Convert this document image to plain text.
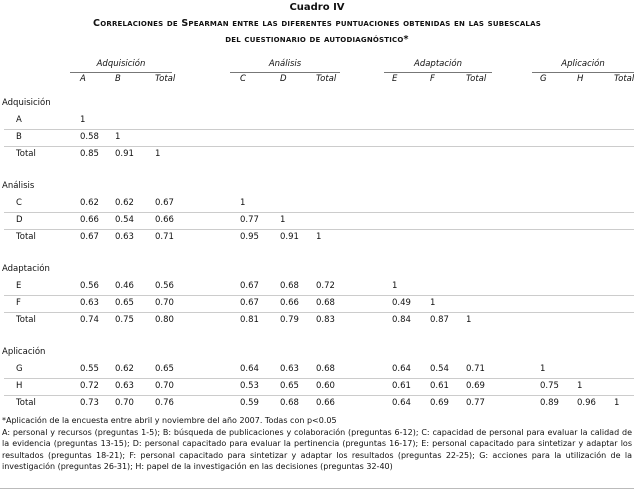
Cuadro IV
Correlaciones de Spearman entre las diferentes puntuaciones obtenidas en las subescalas
del cuestionario de autodiagnóstico*
Adquisición
A	B	Total
Análisis
C	D	Total
Adaptación
E	F	Total
Aplicación
G	H	Total
Adquisición
A	1
B	0.58 1
Total	0.85 0.91 1
Análisis
C	0.62 0.62 0.67	1
D	0.66 0.54 0.66	0.77 1
Total	0.67 0.63 0.71	0.95 0.91 1
Adaptación
E	0.56 0.46 0.56	0.67 0.68 0.72	1
F	0.63 0.65 0.70	0.67 0.66 0.68	0.49 1
Total	0.74 0.75 0.80	0.81 0.79 0.83	0.84 0.87 1
Aplicación
G	0.55 0.62 0.65	0.64 0.63 0.68	0.64 0.54 0.71	1
H	0.72 0.63 0.70	0.53 0.65 0.60	0.61 0.61 0.69	0.75 1
Total	0.73 0.70 0.76	0.59 0.68 0.66	0.64 0.69 0.77	0.89 0.96 1
*Aplicación de la encuesta entre abril y noviembre del año 2007. Todas con p<0.05
A: personal y recursos (preguntas 1-5); B: búsqueda de publicaciones y colaboración (preguntas 6-12); C: capacidad de personal para evaluar la calidad de la evidencia (preguntas 13-15); D: personal capacitado para evaluar la pertinencia (preguntas 16-17); E: personal capacitado para sintetizar y adaptar los resultados (preguntas 18-21); F: personal capacitado para sintetizar y adaptar los resultados (preguntas 22-25); G: acciones para la utilización de la investigación (preguntas 26-31); H: papel de la investigación en las decisiones (preguntas 32-40)
